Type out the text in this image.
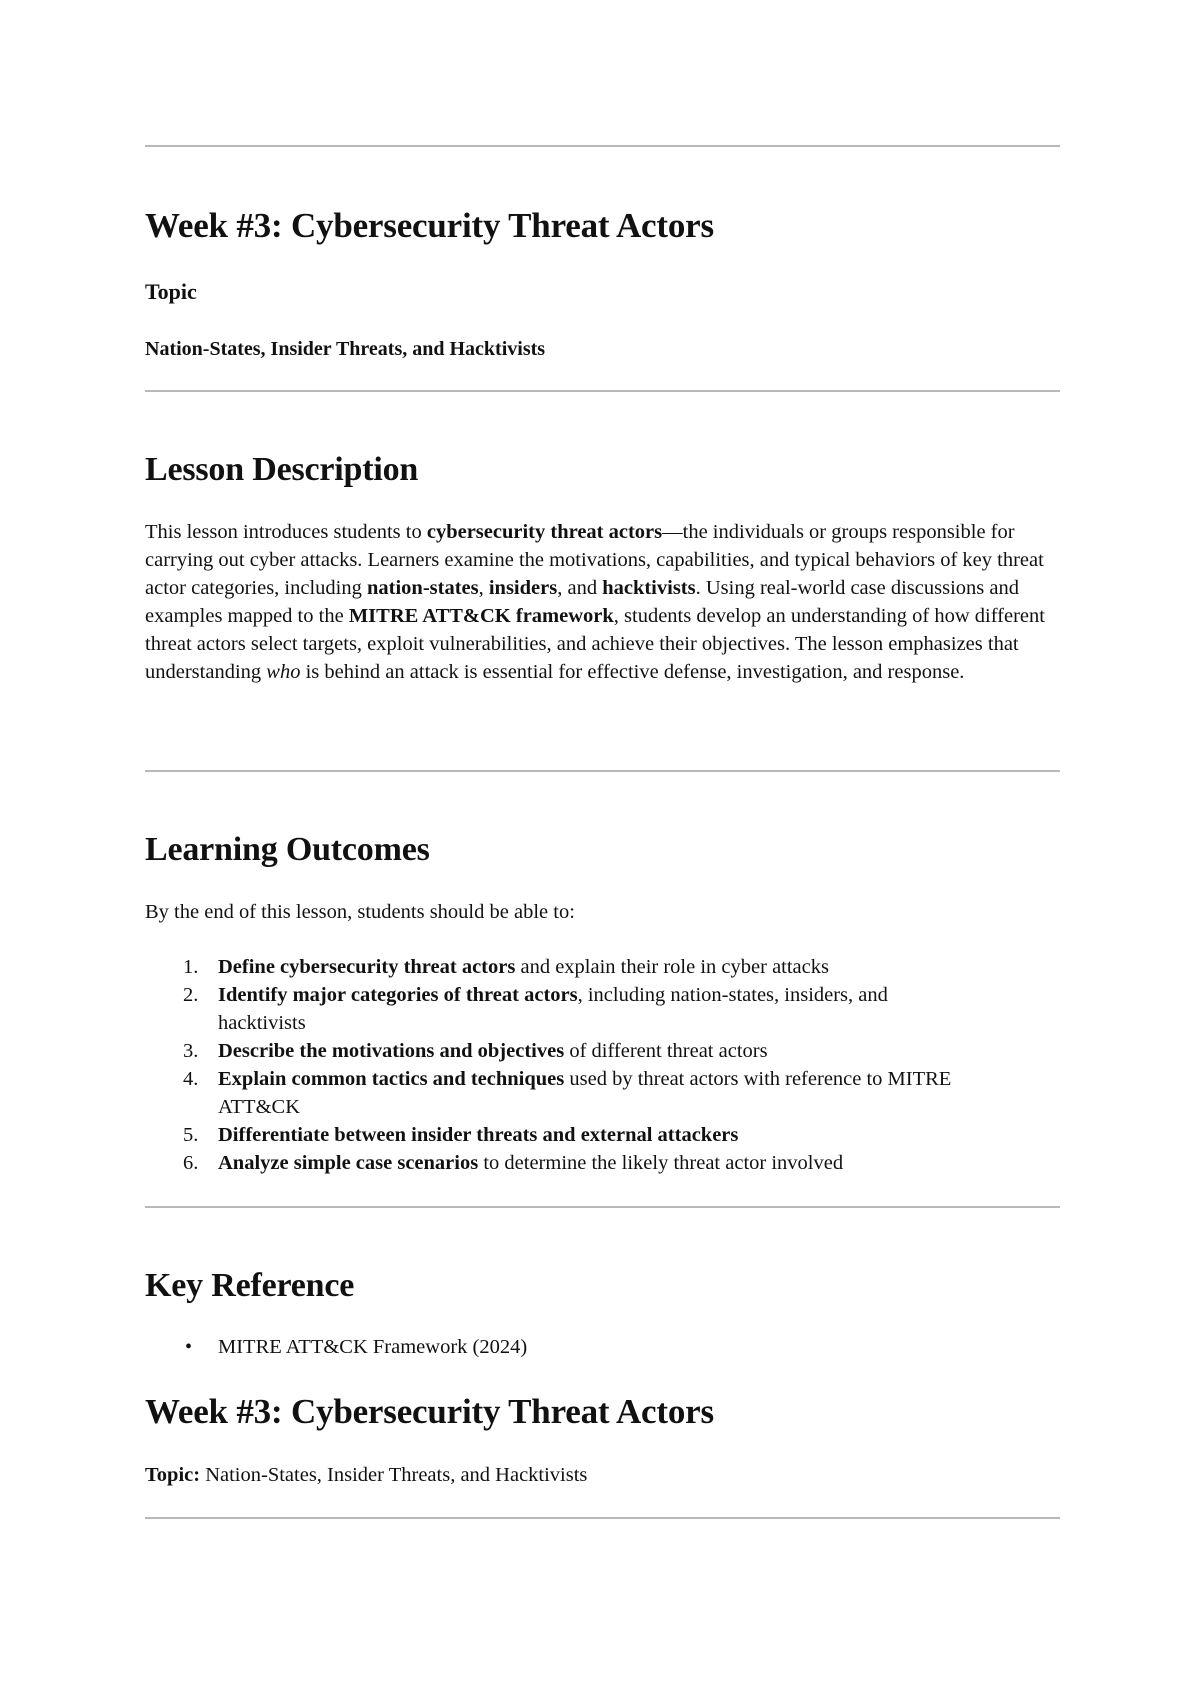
Week #3: Cybersecurity Threat Actors
Topic

Nation-States, Insider Threats, and Hacktivists

Lesson Description

This lesson introduces students to cybersecurity threat actors—the individuals or groups responsible for carrying out cyber attacks. Learners examine the motivations, capabilities, and typical behaviors of key threat actor categories, including nation-states, insiders, and hacktivists. Using real-world case discussions and examples mapped to the MITRE ATT&CK framework, students develop an understanding of how different threat actors select targets, exploit vulnerabilities, and achieve their objectives. The lesson emphasizes that understanding who is behind an attack is essential for effective defense, investigation, and response.

Learning Outcomes

By the end of this lesson, students should be able to:

1. Define cybersecurity threat actors and explain their role in cyber attacks
2. Identify major categories of threat actors, including nation-states, insiders, and hacktivists
3. Describe the motivations and objectives of different threat actors
4. Explain common tactics and techniques used by threat actors with reference to MITRE ATT&CK
5. Differentiate between insider threats and external attackers
6. Analyze simple case scenarios to determine the likely threat actor involved
Key Reference
• MITRE ATT&CK Framework (2024)
Week #3: Cybersecurity Threat Actors

Topic: Nation-States, Insider Threats, and Hacktivists
